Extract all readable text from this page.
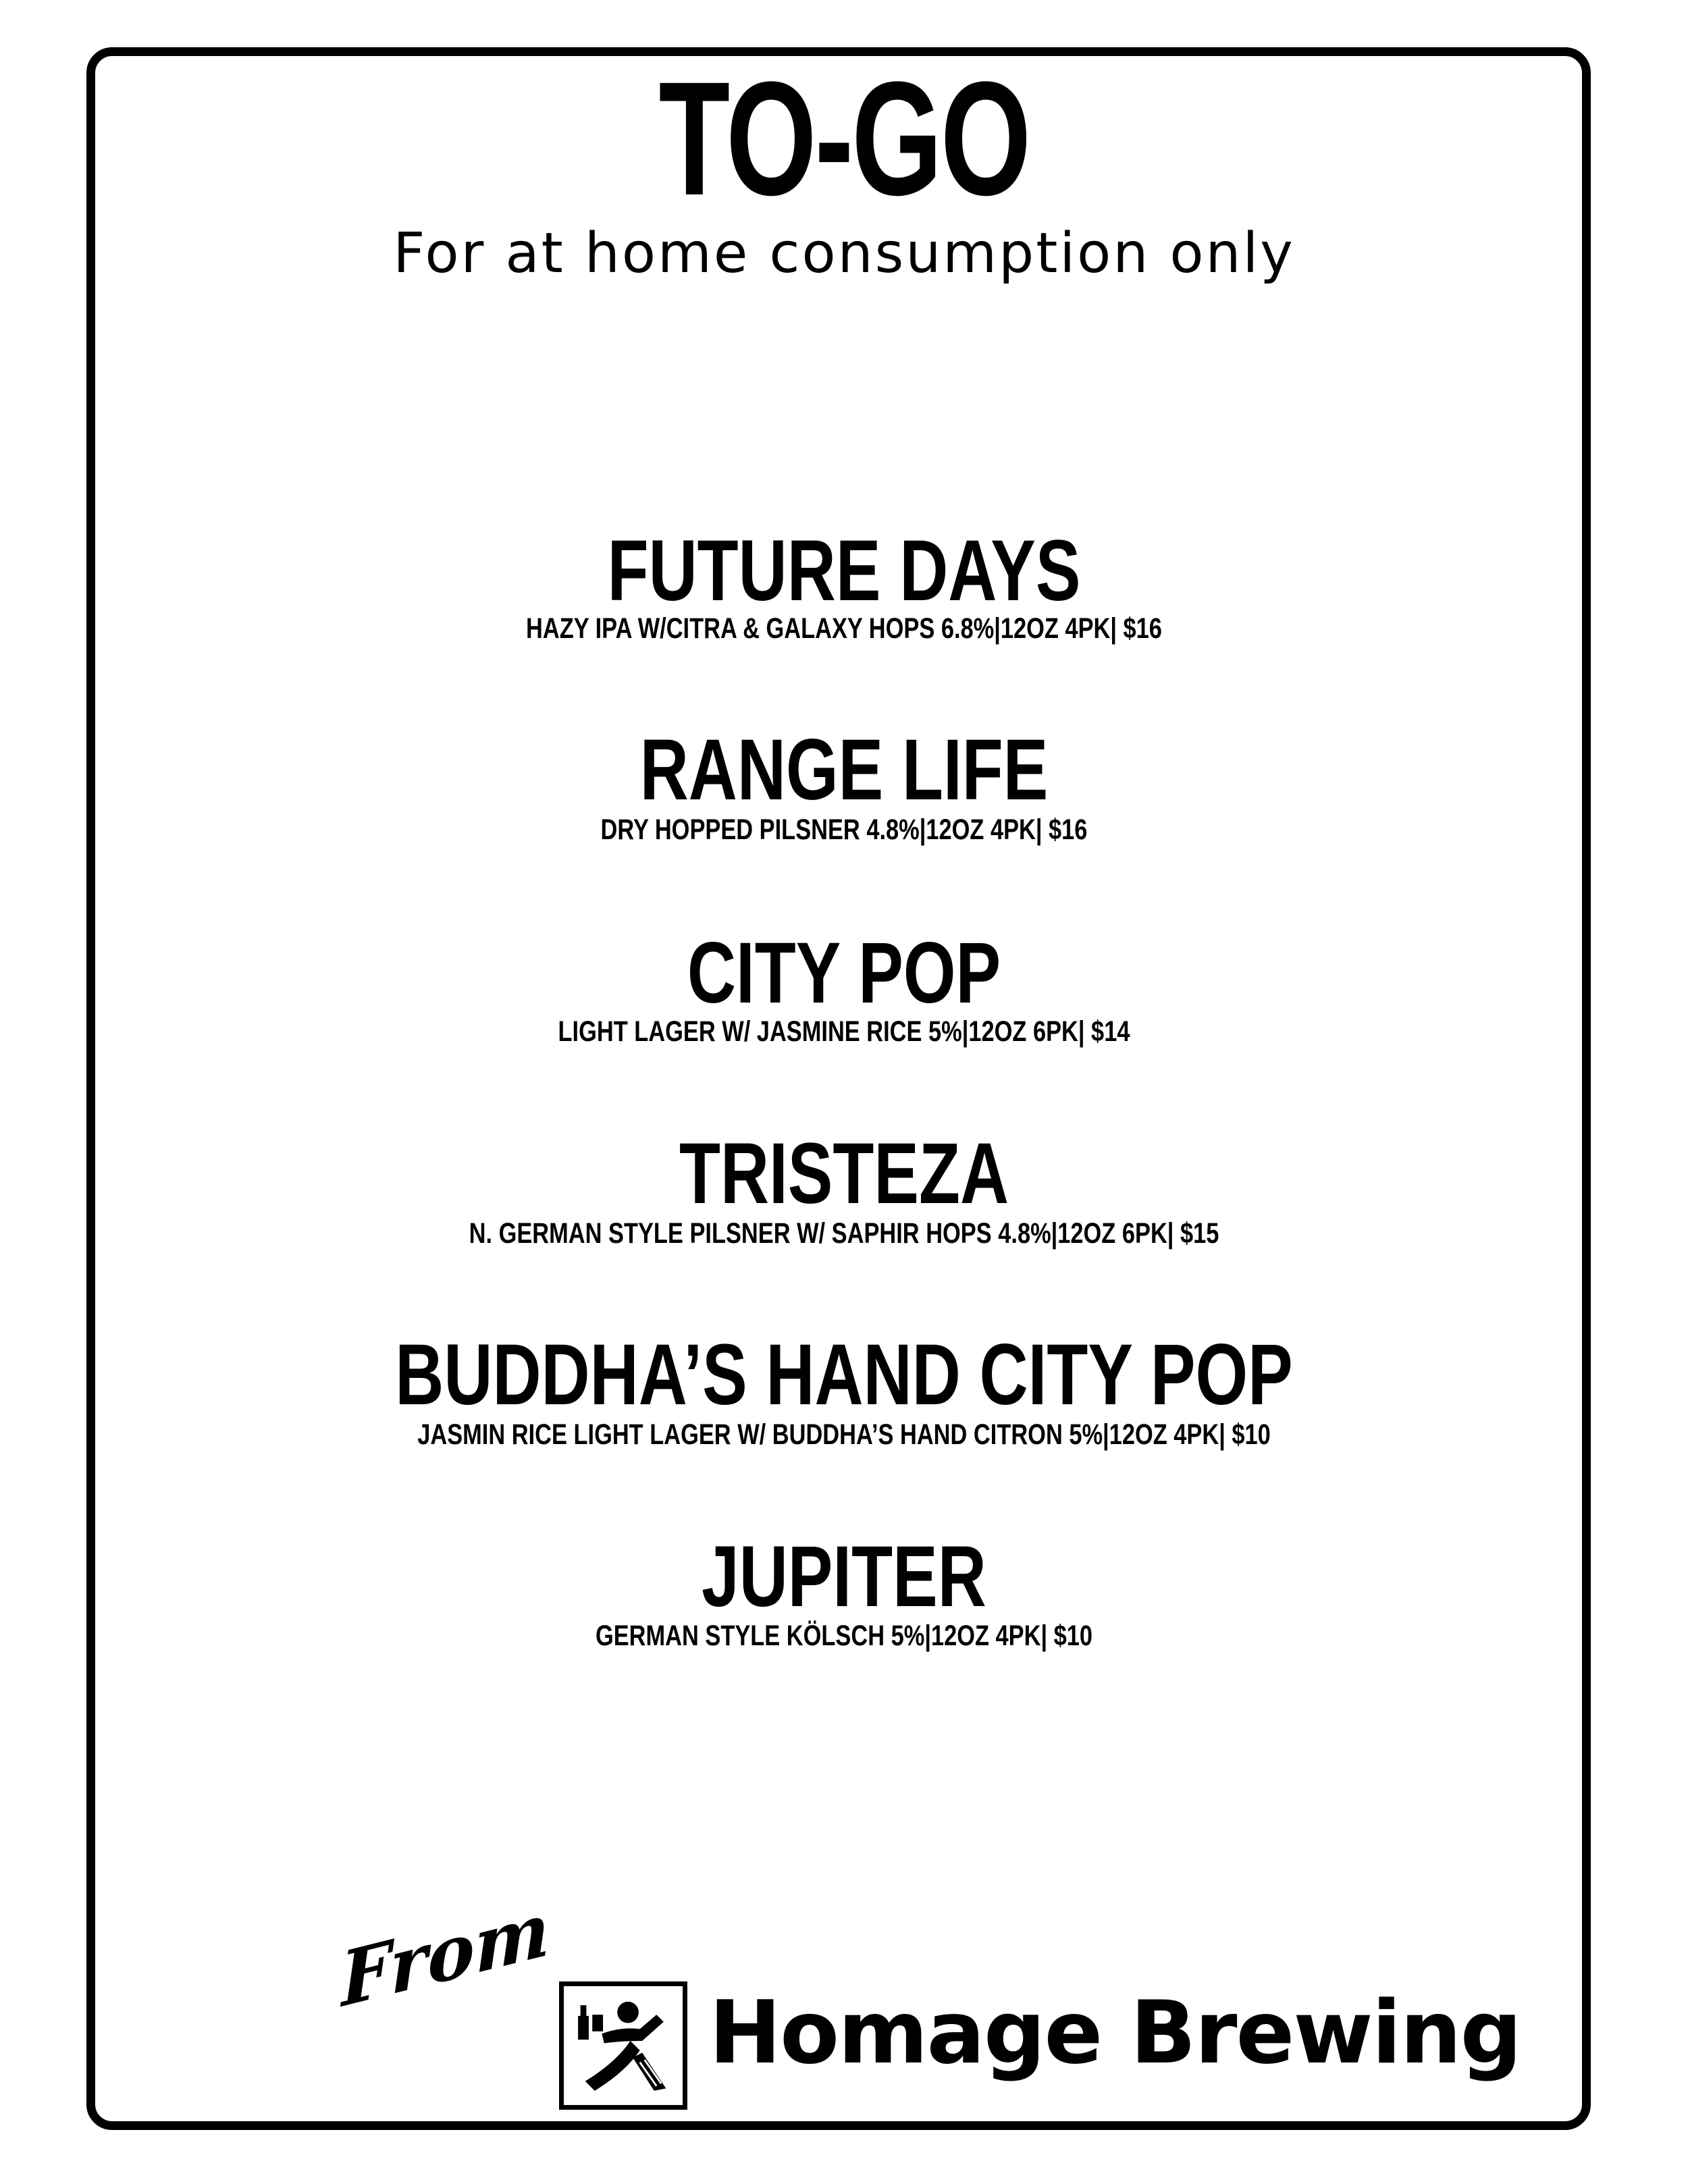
TO-GO
For at home consumption only
FUTURE DAYS
HAZY IPA W/CITRA & GALAXY HOPS 6.8%|12OZ 4PK| $16
RANGE LIFE
DRY HOPPED PILSNER 4.8%|12OZ 4PK| $16
CITY POP
LIGHT LAGER W/ JASMINE RICE 5%|12OZ 6PK| $14
TRISTEZA
N. GERMAN STYLE PILSNER W/ SAPHIR HOPS 4.8%|12OZ 6PK| $15
BUDDHA’S HAND CITY POP
JASMIN RICE LIGHT LAGER W/ BUDDHA’S HAND CITRON 5%|12OZ 4PK| $10
JUPITER
GERMAN STYLE KÖLSCH 5%|12OZ 4PK| $10
From
Homage Brewing
